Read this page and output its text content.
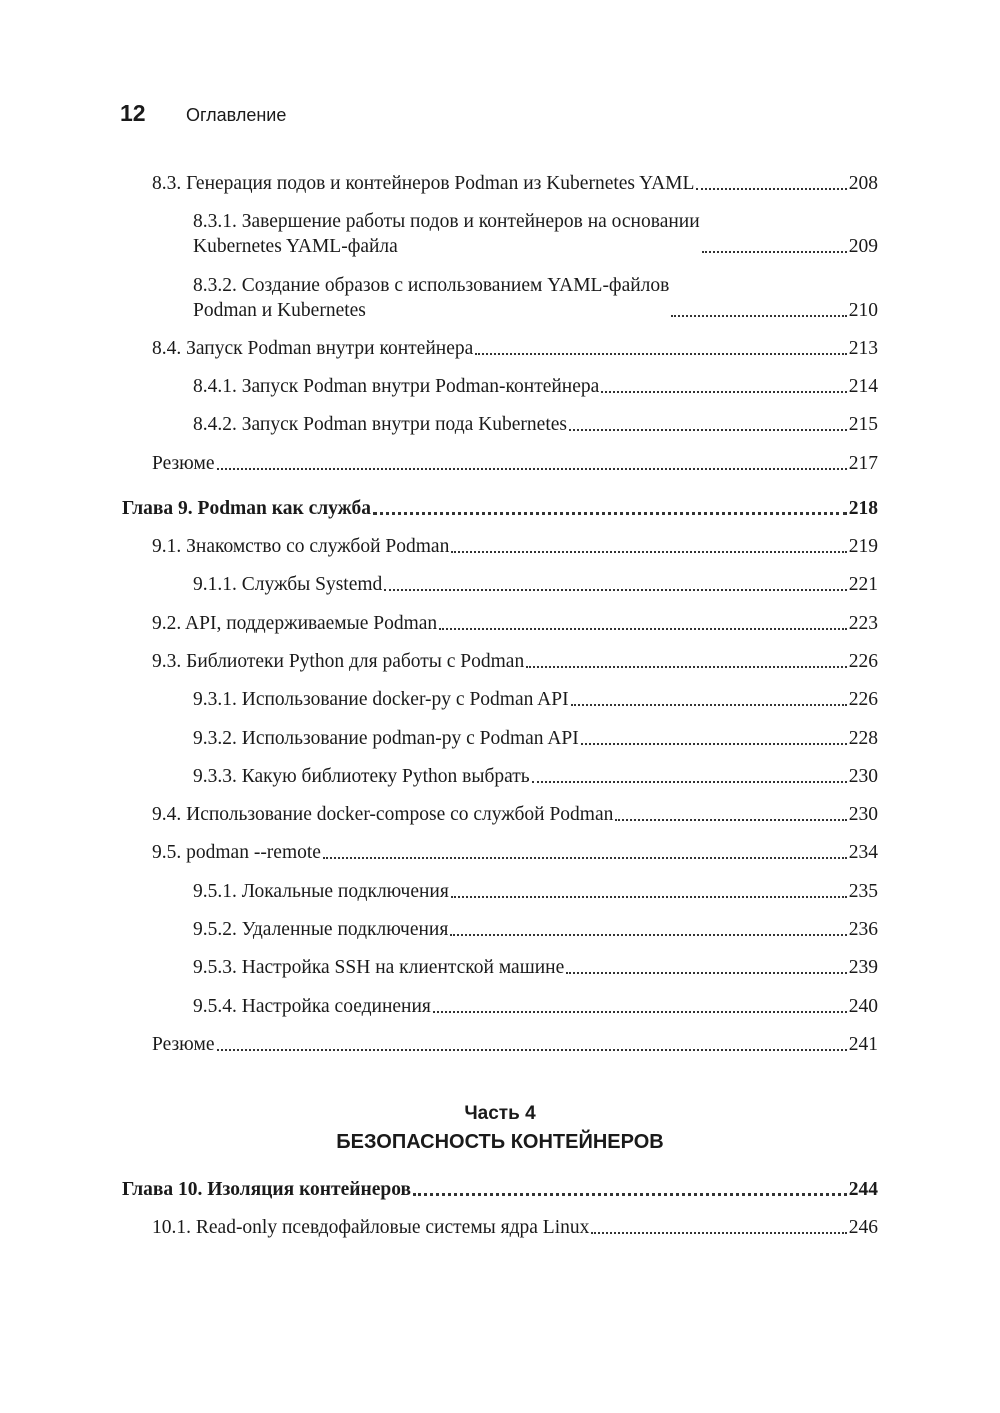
12	Оглавление
8.3. Генерация подов и контейнеров Podman из Kubernetes YAML	208
8.3.1. Завершение работы подов и контейнеров на основании
Kubernetes YAML-файла	209
8.3.2. Создание образов с использованием YAML-файлов
Podman и Kubernetes	210
8.4. Запуск Podman внутри контейнера	213
8.4.1. Запуск Podman внутри Podman-контейнера	214
8.4.2. Запуск Podman внутри пода Kubernetes	215
Резюме	217
Глава 9. Podman как служба	218
9.1. Знакомство со службой Podman	219
9.1.1. Службы Systemd	221
9.2. API, поддерживаемые Podman	223
9.3. Библиотеки Python для работы с Podman	226
9.3.1. Использование docker-py с Podman API	226
9.3.2. Использование podman-py с Podman API	228
9.3.3. Какую библиотеку Python выбрать	230
9.4. Использование docker-compose со службой Podman	230
9.5. podman --remote	234
9.5.1. Локальные подключения	235
9.5.2. Удаленные подключения	236
9.5.3. Настройка SSH на клиентской машине	239
9.5.4. Настройка соединения	240
Резюме	241
Часть 4
БЕЗОПАСНОСТЬ КОНТЕЙНЕРОВ
Глава 10. Изоляция контейнеров	244
10.1. Read-only псевдофайловые системы ядра Linux	246
